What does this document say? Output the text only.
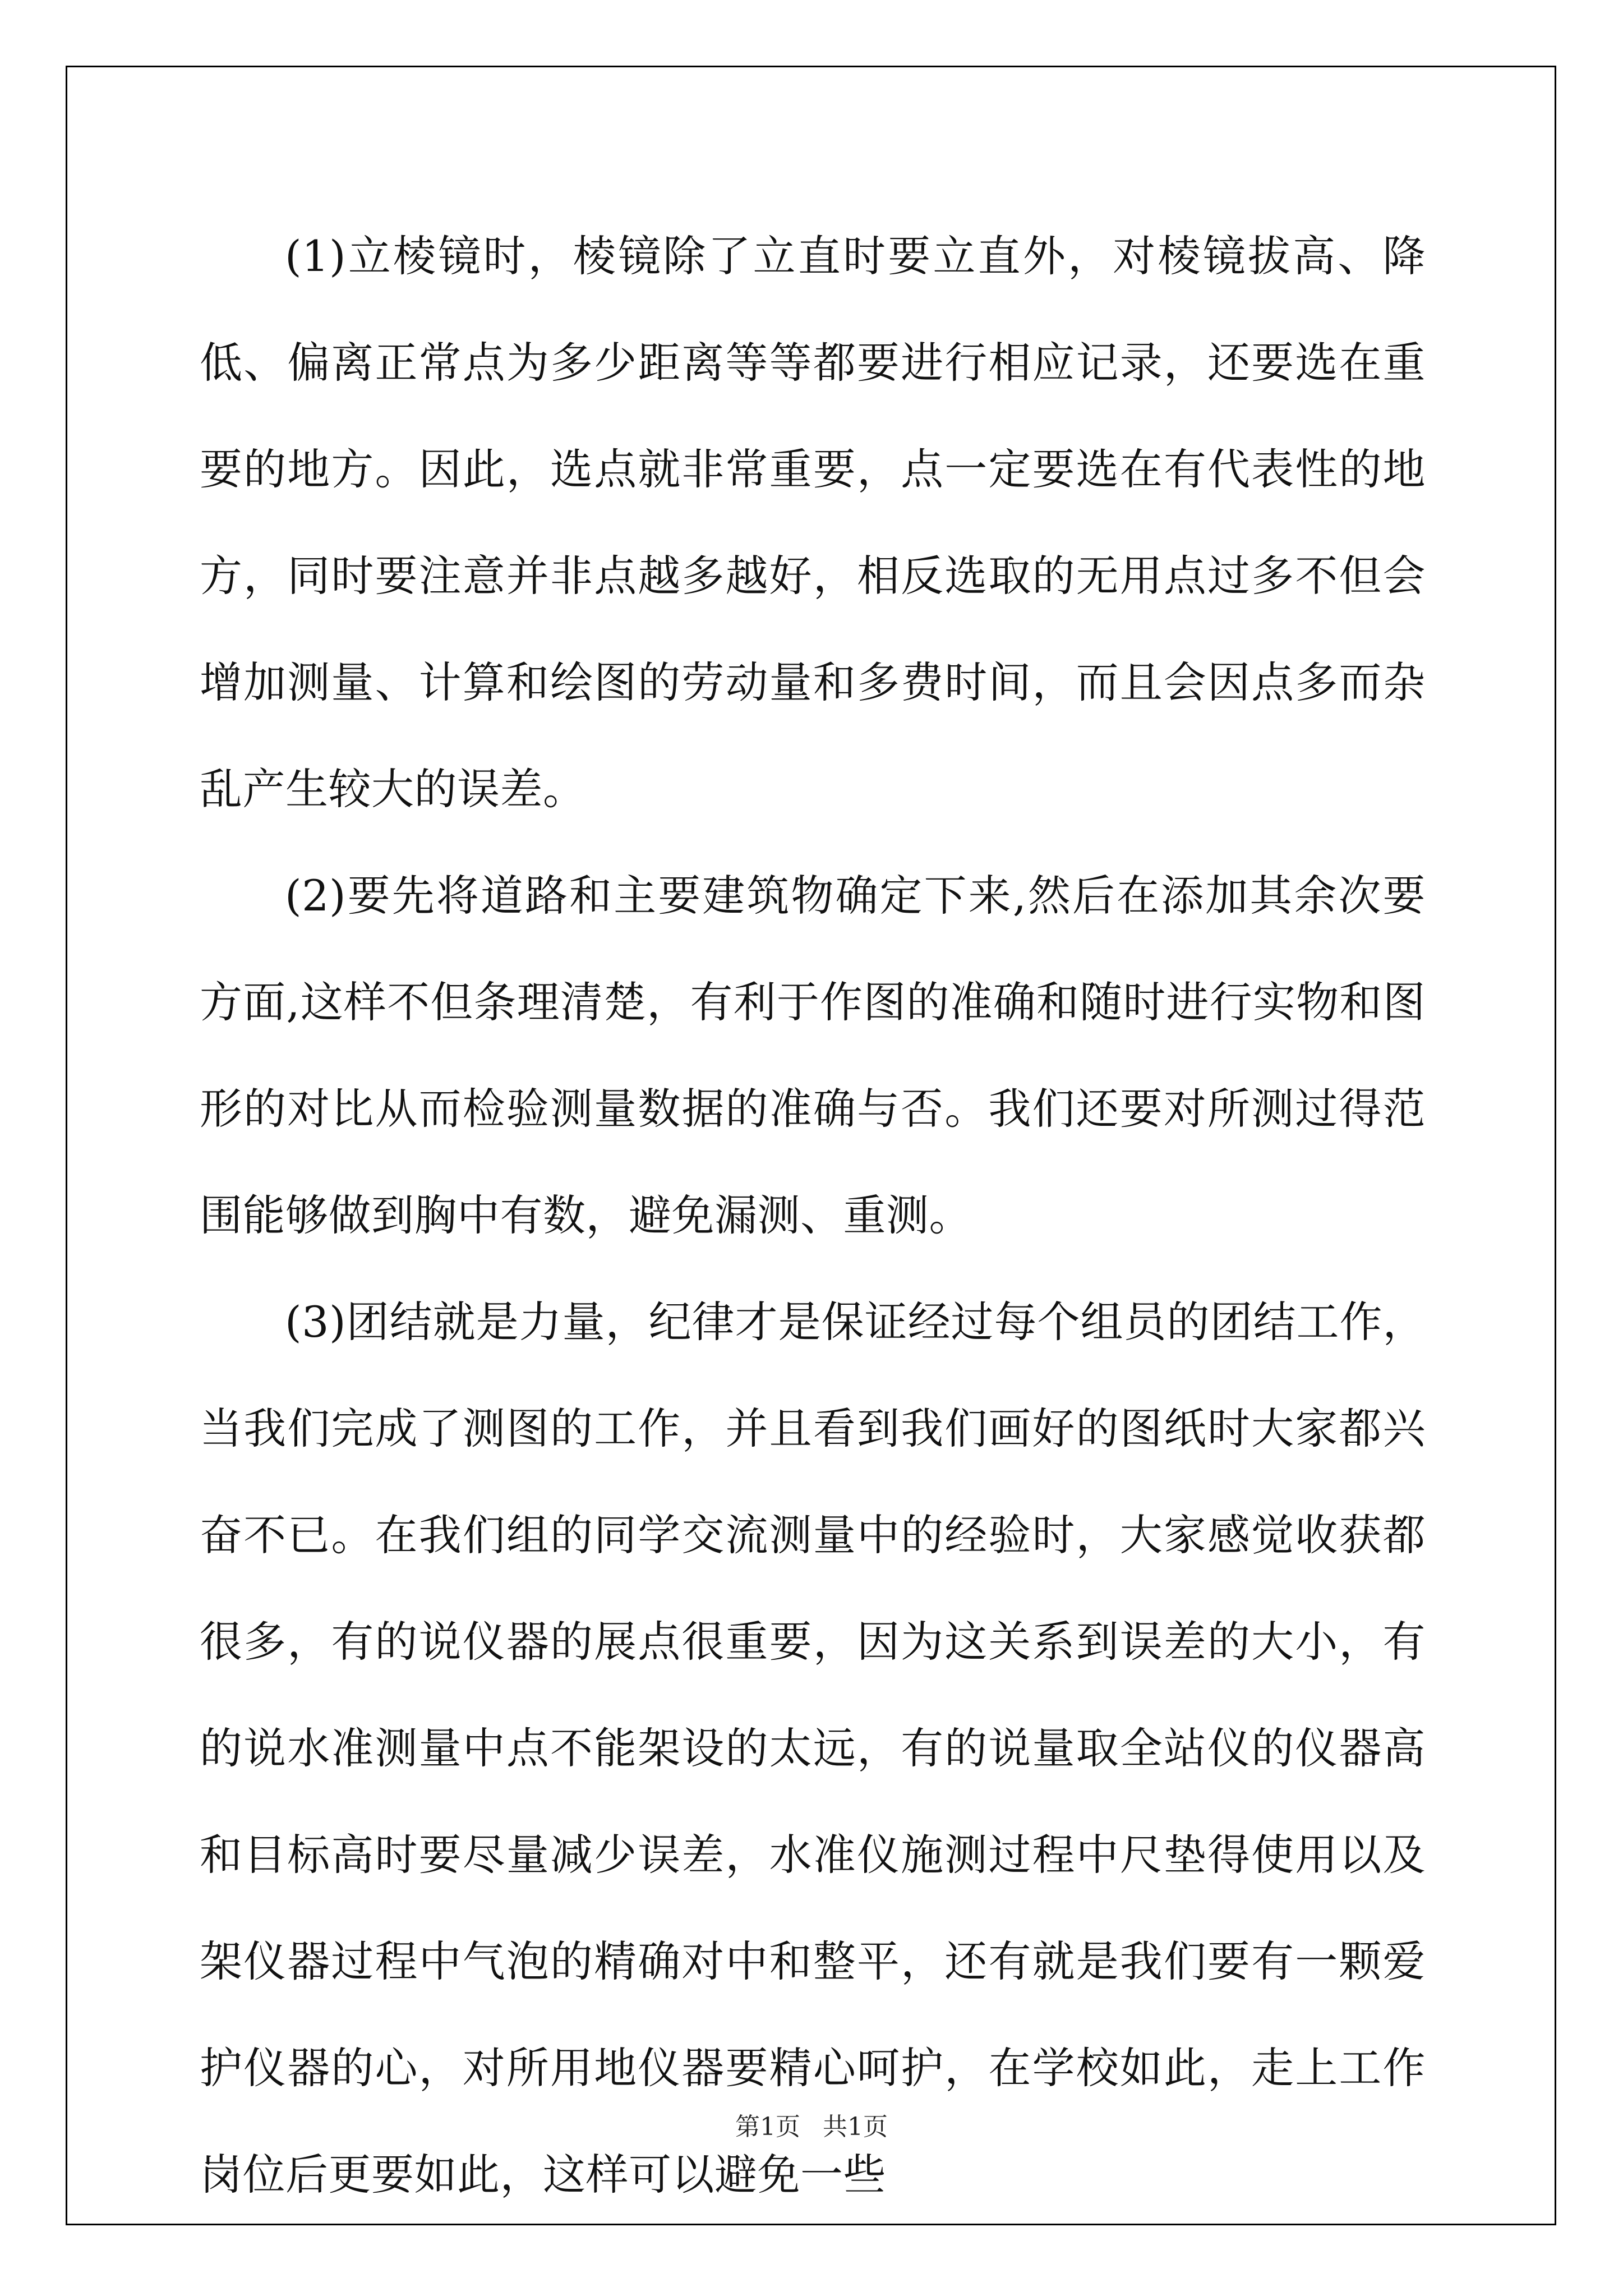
(1)立棱镜时，棱镜除了立直时要立直外，对棱镜拔高、降低、偏离正常点为多少距离等等都要进行相应记录，还要选在重要的地方。因此，选点就非常重要，点一定要选在有代表性的地方，同时要注意并非点越多越好，相反选取的无用点过多不但会增加测量、计算和绘图的劳动量和多费时间，而且会因点多而杂乱产生较大的误差。

(2)要先将道路和主要建筑物确定下来,然后在添加其余次要方面,这样不但条理清楚，有利于作图的准确和随时进行实物和图形的对比从而检验测量数据的准确与否。我们还要对所测过得范围能够做到胸中有数，避免漏测、重测。

(3)团结就是力量，纪律才是保证经过每个组员的团结工作，当我们完成了测图的工作，并且看到我们画好的图纸时大家都兴奋不已。在我们组的同学交流测量中的经验时，大家感觉收获都很多，有的说仪器的展点很重要，因为这关系到误差的大小，有的说水准测量中点不能架设的太远，有的说量取全站仪的仪器高和目标高时要尽量减少误差，水准仪施测过程中尺垫得使用以及架仪器过程中气泡的精确对中和整平，还有就是我们要有一颗爱护仪器的心，对所用地仪器要精心呵护，在学校如此，走上工作岗位后更要如此，这样可以避免一些

第1页 共1页
